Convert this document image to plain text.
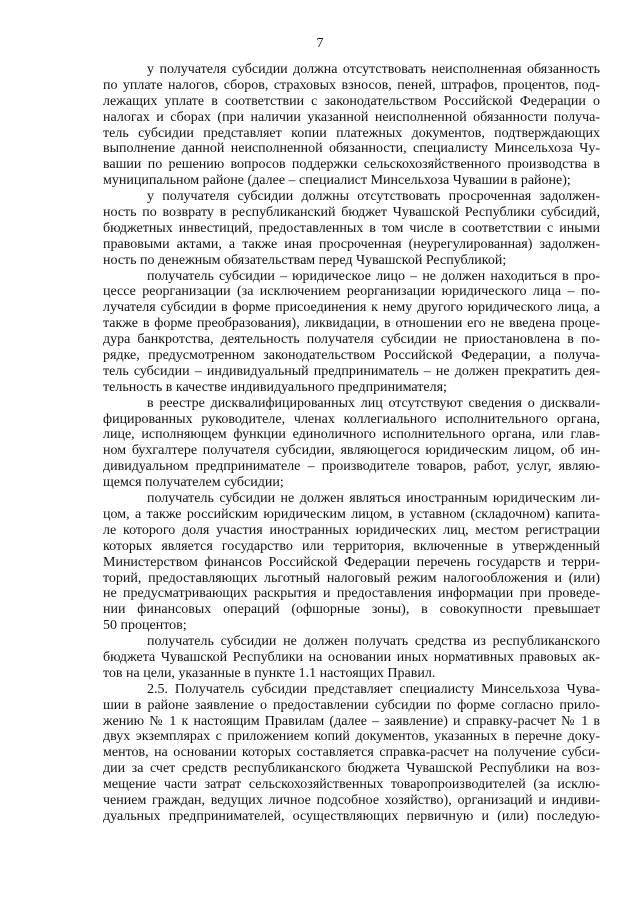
7
у получателя субсидии должна отсутствовать неисполненная обязанность
по уплате налогов, сборов, страховых взносов, пеней, штрафов, процентов, под-
лежащих уплате в соответствии с законодательством Российской Федерации о
налогах и сборах (при наличии указанной неисполненной обязанности получа-
тель субсидии представляет копии платежных документов, подтверждающих
выполнение данной неисполненной обязанности, специалисту Минсельхоза Чу-
вашии по решению вопросов поддержки сельскохозяйственного производства в
муниципальном районе (далее – специалист Минсельхоза Чувашии в районе);
у получателя субсидии должны отсутствовать просроченная задолжен-
ность по возврату в республиканский бюджет Чувашской Республики субсидий,
бюджетных инвестиций, предоставленных в том числе в соответствии с иными
правовыми актами, а также иная просроченная (неурегулированная) задолжен-
ность по денежным обязательствам перед Чувашской Республикой;
получатель субсидии – юридическое лицо – не должен находиться в про-
цессе реорганизации (за исключением реорганизации юридического лица – по-
лучателя субсидии в форме присоединения к нему другого юридического лица, а
также в форме преобразования), ликвидации, в отношении его не введена проце-
дура банкротства, деятельность получателя субсидии не приостановлена в по-
рядке, предусмотренном законодательством Российской Федерации, а получа-
тель субсидии – индивидуальный предприниматель – не должен прекратить дея-
тельность в качестве индивидуального предпринимателя;
в реестре дисквалифицированных лиц отсутствуют сведения о дисквали-
фицированных руководителе, членах коллегиального исполнительного органа,
лице, исполняющем функции единоличного исполнительного органа, или глав-
ном бухгалтере получателя субсидии, являющегося юридическим лицом, об ин-
дивидуальном предпринимателе – производителе товаров, работ, услуг, являю-
щемся получателем субсидии;
получатель субсидии не должен являться иностранным юридическим ли-
цом, а также российским юридическим лицом, в уставном (складочном) капита-
ле которого доля участия иностранных юридических лиц, местом регистрации
которых является государство или территория, включенные в утвержденный
Министерством финансов Российской Федерации перечень государств и терри-
торий, предоставляющих льготный налоговый режим налогообложения и (или)
не предусматривающих раскрытия и предоставления информации при проведе-
нии финансовых операций (офшорные зоны), в совокупности превышает
50 процентов;
получатель субсидии не должен получать средства из республиканского
бюджета Чувашской Республики на основании иных нормативных правовых ак-
тов на цели, указанные в пункте 1.1 настоящих Правил.
2.5. Получатель субсидии представляет специалисту Минсельхоза Чува-
шии в районе заявление о предоставлении субсидии по форме согласно прило-
жению № 1 к настоящим Правилам (далее – заявление) и справку-расчет № 1 в
двух экземплярах с приложением копий документов, указанных в перечне доку-
ментов, на основании которых составляется справка-расчет на получение субси-
дии за счет средств республиканского бюджета Чувашской Республики на воз-
мещение части затрат сельскохозяйственных товаропроизводителей (за исклю-
чением граждан, ведущих личное подсобное хозяйство), организаций и индиви-
дуальных предпринимателей, осуществляющих первичную и (или) последую-
